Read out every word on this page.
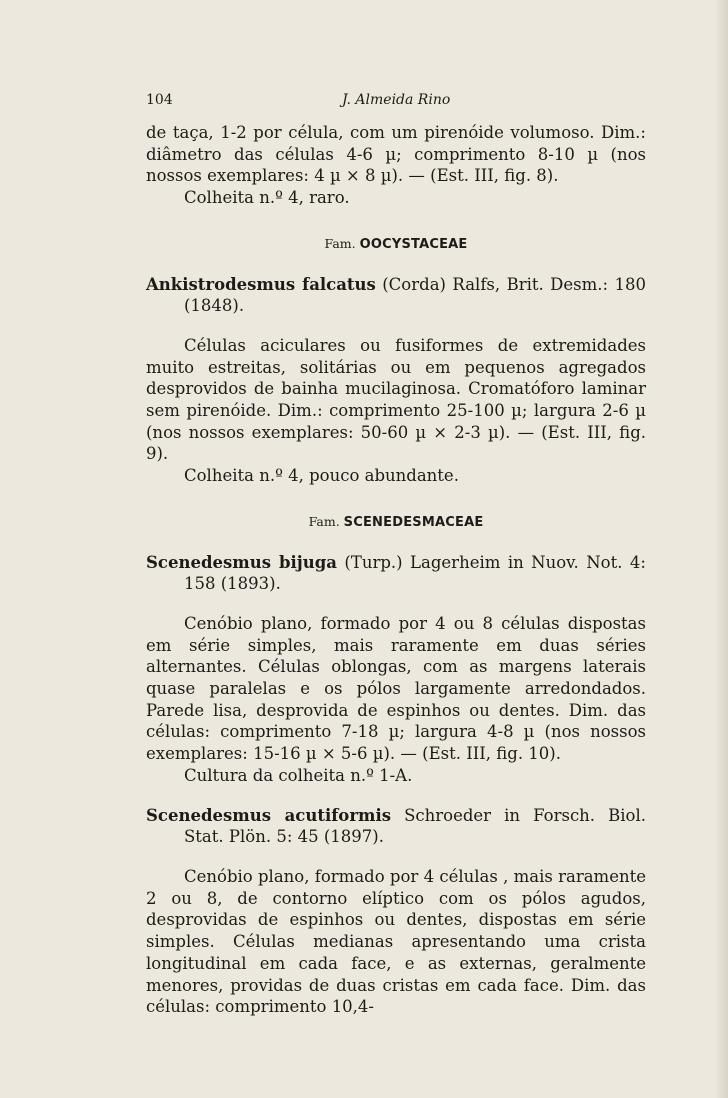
104	J. Almeida Rino

de taça, 1-2 por célula, com um pirenóide volumoso. Dim.: diâmetro das células 4-6 µ; comprimento 8-10 µ (nos nossos exemplares: 4 µ × 8 µ). — (Est. III, fig. 8).

Colheita n.º 4, raro.

Fam. OOCYSTACEAE

Ankistrodesmus falcatus (Corda) Ralfs, Brit. Desm.: 180 (1848).

Células aciculares ou fusiformes de extremidades muito estreitas, solitárias ou em pequenos agregados desprovidos de bainha mucilaginosa. Cromatóforo laminar sem pirenóide. Dim.: comprimento 25-100 µ; largura 2-6 µ (nos nossos exemplares: 50-60 µ × 2-3 µ). — (Est. III, fig. 9).

Colheita n.º 4, pouco abundante.

Fam. SCENEDESMACEAE

Scenedesmus bijuga (Turp.) Lagerheim in Nuov. Not. 4: 158 (1893).

Cenóbio plano, formado por 4 ou 8 células dispostas em série simples, mais raramente em duas séries alternantes. Células oblongas, com as margens laterais quase paralelas e os pólos largamente arredondados. Parede lisa, desprovida de espinhos ou dentes. Dim. das células: comprimento 7-18 µ; largura 4-8 µ (nos nossos exemplares: 15-16 µ × 5-6 µ). — (Est. III, fig. 10).

Cultura da colheita n.º 1-A.

Scenedesmus acutiformis Schroeder in Forsch. Biol. Stat. Plön. 5: 45 (1897).

Cenóbio plano, formado por 4 células , mais raramente 2 ou 8, de contorno elíptico com os pólos agudos, desprovidas de espinhos ou dentes, dispostas em série simples. Células medianas apresentando uma crista longitudinal em cada face, e as externas, geralmente menores, providas de duas cristas em cada face. Dim. das células: comprimento 10,4-
